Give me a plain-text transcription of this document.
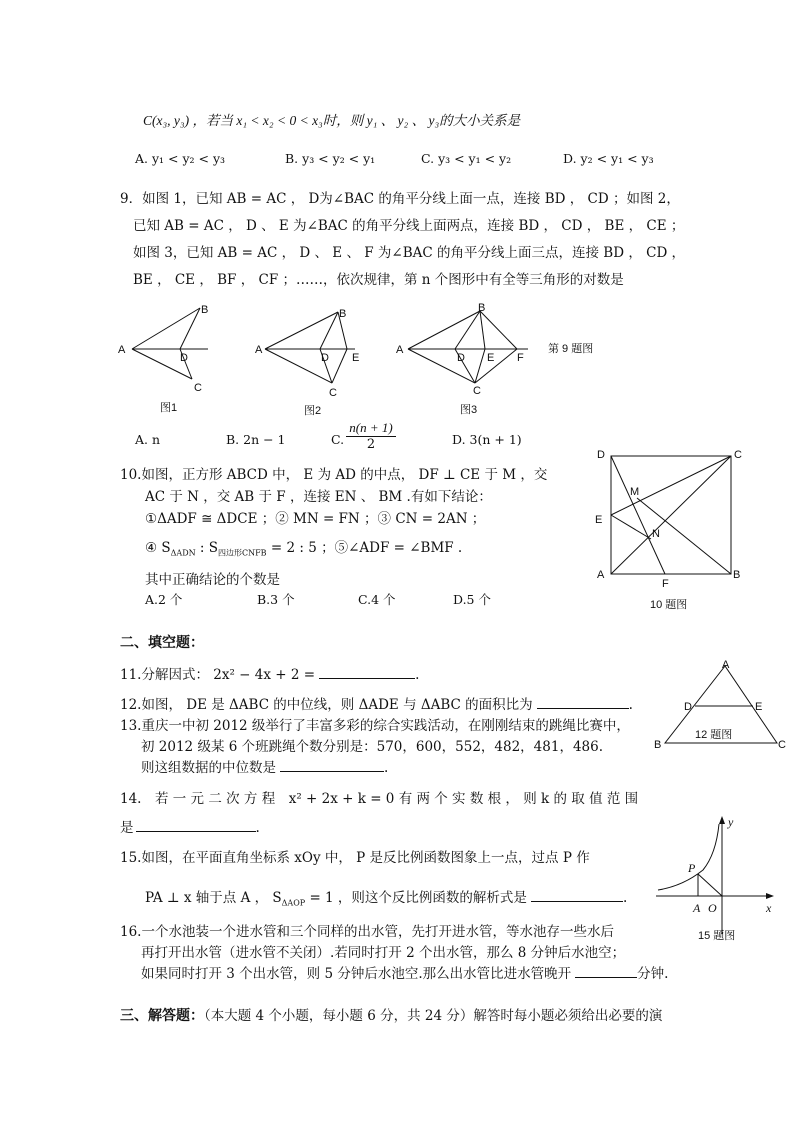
C(x₃, y₃) ，若当 x₁ < x₂ < 0 < x₃时，则 y₁ 、 y₂ 、 y₃的大小关系是
A. y₁ < y₂ < y₃	B. y₃ < y₂ < y₁	C. y₃ < y₁ < y₂	D. y₂ < y₁ < y₃
9．如图 1，已知 AB = AC ， D为∠BAC 的角平分线上面一点，连接 BD ， CD ；如图 2，
已知 AB = AC ， D 、 E 为∠BAC 的角平分线上面两点，连接 BD ， CD ， BE ， CE ；
如图 3，已知 AB = AC ， D 、 E 、 F 为∠BAC 的角平分线上面三点，连接 BD ， CD ，
BE ， CE ， BF ， CF ；……，依次规律，第 n 个图形中有全等三角形的对数是
A
B
D
C
图1
A
B
D E
C
图2
A
B
D E F
C
图3
第 9 题图
A. n	B. 2n − 1	C. $\frac{n(n + 1)}{2}$	D. 3(n + 1)
10.如图，正方形 ABCD 中， E 为 AD 的中点， DF ⊥ CE 于 M ，交
AC 于 N ，交 AB 于 F ，连接 EN 、 BM .有如下结论：
①ΔADF ≅ ΔDCE ；② MN = FN ；③ CN = 2AN ；
④ $S_{\Delta ADN}$ : $S_{四边形CNFB} = 2$ : 5 ；⑤∠ADF = ∠BMF .
其中正确结论的个数是
A.2 个	B.3 个	C.4 个	D.5 个
D	C
E
M
N
A	B
F
10 题图
二、填空题：
11.分解因式： 2x² − 4x + 2 =	.
12.如图， DE 是 ΔABC 的中位线，则 ΔADE 与 ΔABC 的面积比为	.
A
D	E
B	C
12 题图
13.重庆一中初 2012 级举行了丰富多彩的综合实践活动，在刚刚结束的跳绳比赛中，
初 2012 级某 6 个班跳绳个数分别是：570，600，552，482，481，486.
则这组数据的中位数是	.
14.　若 一 元 二 次 方 程　x² + 2x + k = 0 有 两 个 实 数 根 ， 则 k 的 取 值 范 围
是	.
15.如图，在平面直角坐标系 xOy 中， P 是反比例函数图象上一点，过点 P 作
PA ⊥ x 轴于点 A ， $S_{\Delta AOP} = 1$ ，则这个反比例函数的解析式是	.
y
x
P
A O
15 题图
16.一个水池装一个进水管和三个同样的出水管，先打开进水管，等水池存一些水后
再打开出水管（进水管不关闭）.若同时打开 2 个出水管，那么 8 分钟后水池空；
如果同时打开 3 个出水管，则 5 分钟后水池空.那么出水管比进水管晚开	分钟.
三、解答题：（本大题 4 个小题，每小题 6 分，共 24 分）解答时每小题必须给出必要的演
